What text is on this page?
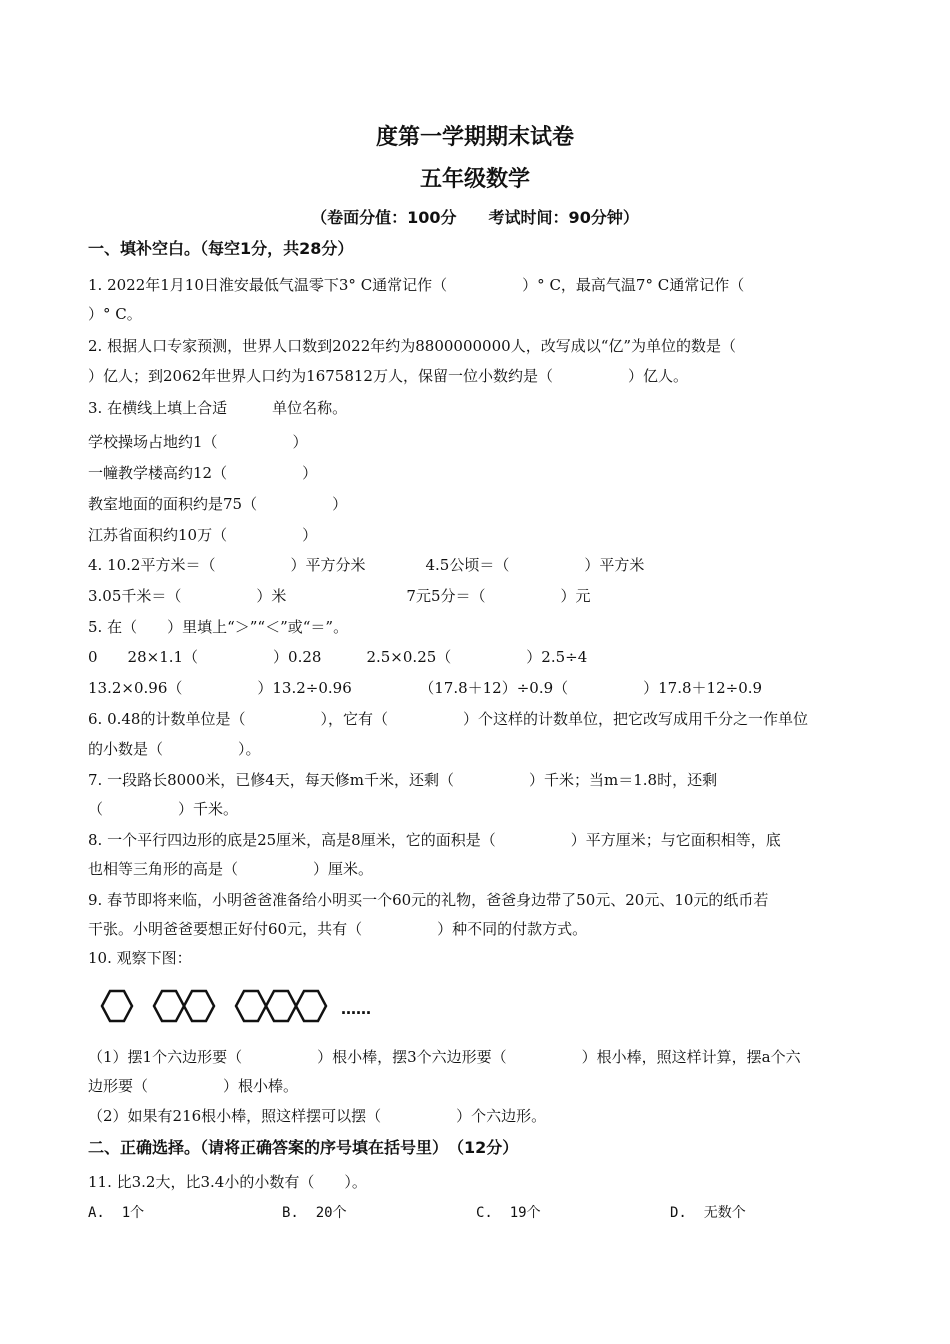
度第一学期期末试卷
五年级数学
（卷面分值：100分　　考试时间：90分钟）
一、填补空白。（每空1分，共28分）
1. 2022年1月10日淮安最低气温零下3° C通常记作（　　　　　）° C，最高气温7° C通常记作（
）° C。
2. 根据人口专家预测，世界人口数到2022年约为8800000000人，改写成以“亿”为单位的数是（
）亿人；到2062年世界人口约为1675812万人，保留一位小数约是（　　　　　）亿人。
3. 在横线上填上合适　　　单位名称。
学校操场占地约1（　　　　　）
一幢教学楼高约12（　　　　　）
教室地面的面积约是75（　　　　　）
江苏省面积约10万（　　　　　）
4. 10.2平方米＝（　　　　　）平方分米　　　　4.5公顷＝（　　　　　）平方米
3.05千米＝（　　　　　）米　　　　　　　　7元5分＝（　　　　　）元
5. 在（　　）里填上“＞”“＜”或“＝”。
0　　28×1.1（　　　　　）0.28　　　2.5×0.25（　　　　　）2.5÷4
13.2×0.96（　　　　　）13.2÷0.96　　　　　（17.8＋12）÷0.9（　　　　　）17.8＋12÷0.9
6. 0.48的计数单位是（　　　　　），它有（　　　　　）个这样的计数单位，把它改写成用千分之一作单位
的小数是（　　　　　）。
7. 一段路长8000米，已修4天，每天修m千米，还剩（　　　　　）千米；当m＝1.8时，还剩
（　　　　　）千米。
8. 一个平行四边形的底是25厘米，高是8厘米，它的面积是（　　　　　）平方厘米；与它面积相等，底
也相等三角形的高是（　　　　　）厘米。
9. 春节即将来临，小明爸爸准备给小明买一个60元的礼物，爸爸身边带了50元、20元、10元的纸币若
干张。小明爸爸要想正好付60元，共有（　　　　　）种不同的付款方式。
10. 观察下图：
……
（1）摆1个六边形要（　　　　　）根小棒，摆3个六边形要（　　　　　）根小棒，照这样计算，摆a个六
边形要（　　　　　）根小棒。
（2）如果有216根小棒，照这样摆可以摆（　　　　　）个六边形。
二、正确选择。（请将正确答案的序号填在括号里）　（12分）
11. 比3.2大，比3.4小的小数有（　　）。
A.  1个	B.  20个	C.  19个	D.  无数个
